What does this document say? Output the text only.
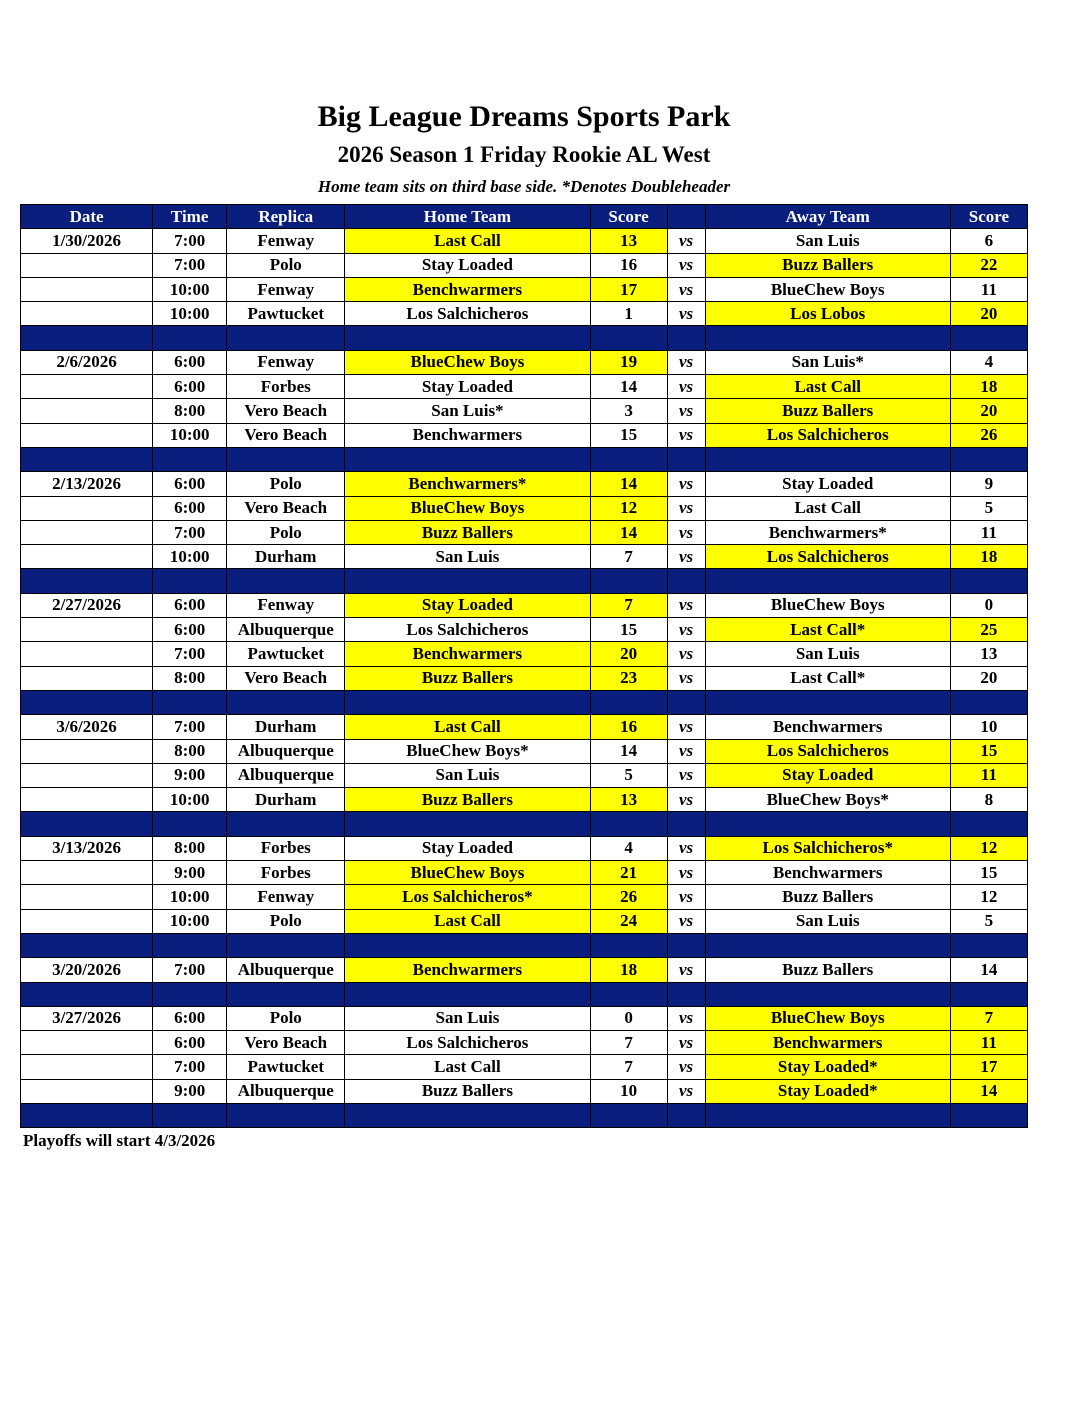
Big League Dreams Sports Park
2026 Season 1 Friday Rookie AL West
Home team sits on third base side. *Denotes Doubleheader
Date	Time	Replica	Home Team	Score		Away Team	Score
1/30/2026	7:00	Fenway	Last Call	13	vs	San Luis	6
	7:00	Polo	Stay Loaded	16	vs	Buzz Ballers	22
	10:00	Fenway	Benchwarmers	17	vs	BlueChew Boys	11
	10:00	Pawtucket	Los Salchicheros	1	vs	Los Lobos	20

2/6/2026	6:00	Fenway	BlueChew Boys	19	vs	San Luis*	4
	6:00	Forbes	Stay Loaded	14	vs	Last Call	18
	8:00	Vero Beach	San Luis*	3	vs	Buzz Ballers	20
	10:00	Vero Beach	Benchwarmers	15	vs	Los Salchicheros	26

2/13/2026	6:00	Polo	Benchwarmers*	14	vs	Stay Loaded	9
	6:00	Vero Beach	BlueChew Boys	12	vs	Last Call	5
	7:00	Polo	Buzz Ballers	14	vs	Benchwarmers*	11
	10:00	Durham	San Luis	7	vs	Los Salchicheros	18

2/27/2026	6:00	Fenway	Stay Loaded	7	vs	BlueChew Boys	0
	6:00	Albuquerque	Los Salchicheros	15	vs	Last Call*	25
	7:00	Pawtucket	Benchwarmers	20	vs	San Luis	13
	8:00	Vero Beach	Buzz Ballers	23	vs	Last Call*	20

3/6/2026	7:00	Durham	Last Call	16	vs	Benchwarmers	10
	8:00	Albuquerque	BlueChew Boys*	14	vs	Los Salchicheros	15
	9:00	Albuquerque	San Luis	5	vs	Stay Loaded	11
	10:00	Durham	Buzz Ballers	13	vs	BlueChew Boys*	8

3/13/2026	8:00	Forbes	Stay Loaded	4	vs	Los Salchicheros*	12
	9:00	Forbes	BlueChew Boys	21	vs	Benchwarmers	15
	10:00	Fenway	Los Salchicheros*	26	vs	Buzz Ballers	12
	10:00	Polo	Last Call	24	vs	San Luis	5

3/20/2026	7:00	Albuquerque	Benchwarmers	18	vs	Buzz Ballers	14

3/27/2026	6:00	Polo	San Luis	0	vs	BlueChew Boys	7
	6:00	Vero Beach	Los Salchicheros	7	vs	Benchwarmers	11
	7:00	Pawtucket	Last Call	7	vs	Stay Loaded*	17
	9:00	Albuquerque	Buzz Ballers	10	vs	Stay Loaded*	14

Playoffs will start 4/3/2026
